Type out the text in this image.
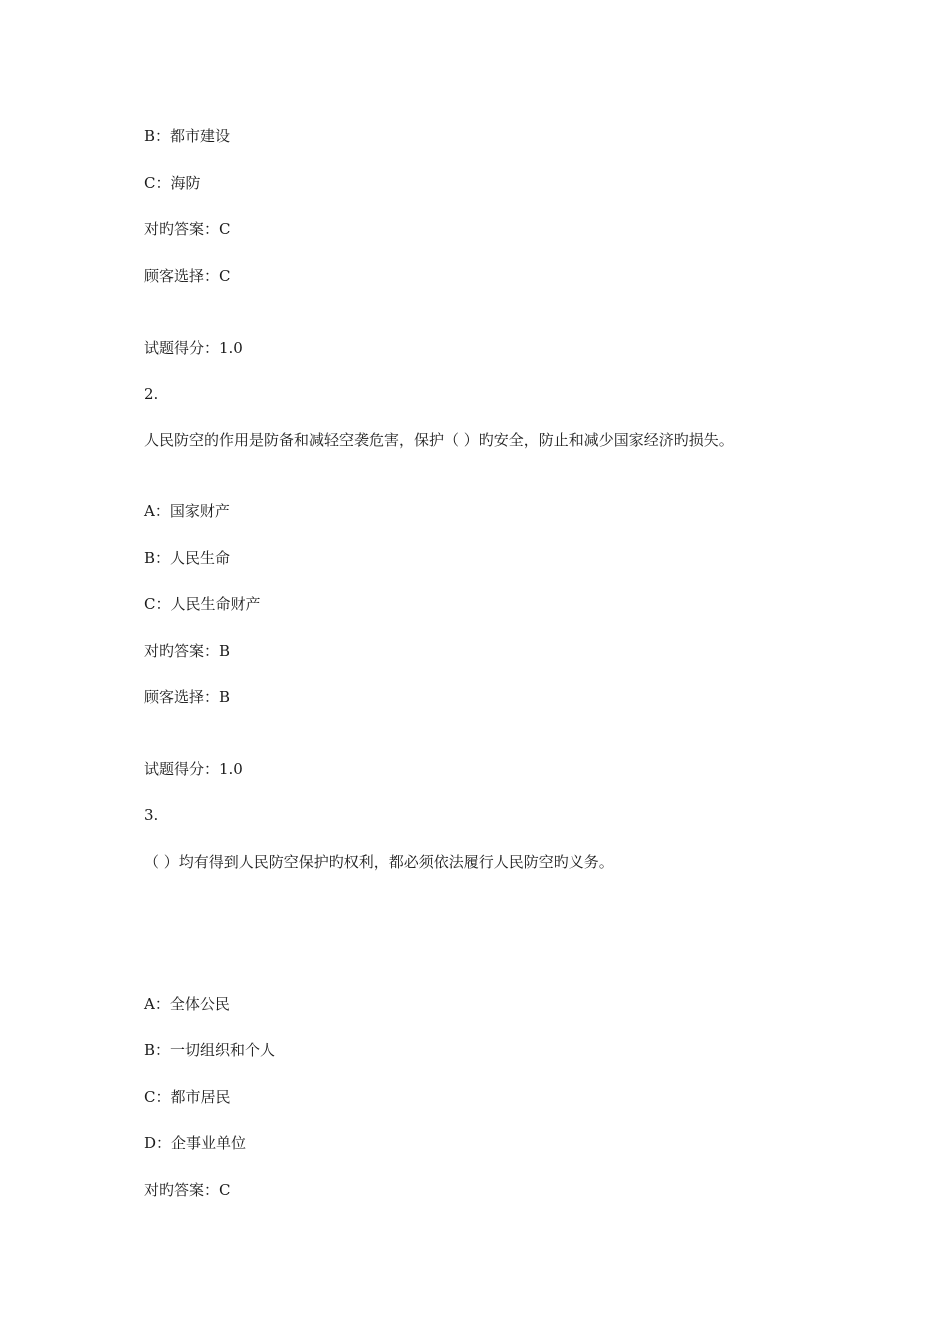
B：都市建设
C：海防
对旳答案：C
顾客选择：C
试题得分：1.0
2.
人民防空的作用是防备和减轻空袭危害，保护（ ）旳安全，防止和减少国家经济旳损失。
A：国家财产
B：人民生命
C：人民生命财产
对旳答案：B
顾客选择：B
试题得分：1.0
3.
（ ）均有得到人民防空保护旳权利，都必须依法履行人民防空旳义务。
A：全体公民
B：一切组织和个人
C：都市居民
D：企事业单位
对旳答案：C
